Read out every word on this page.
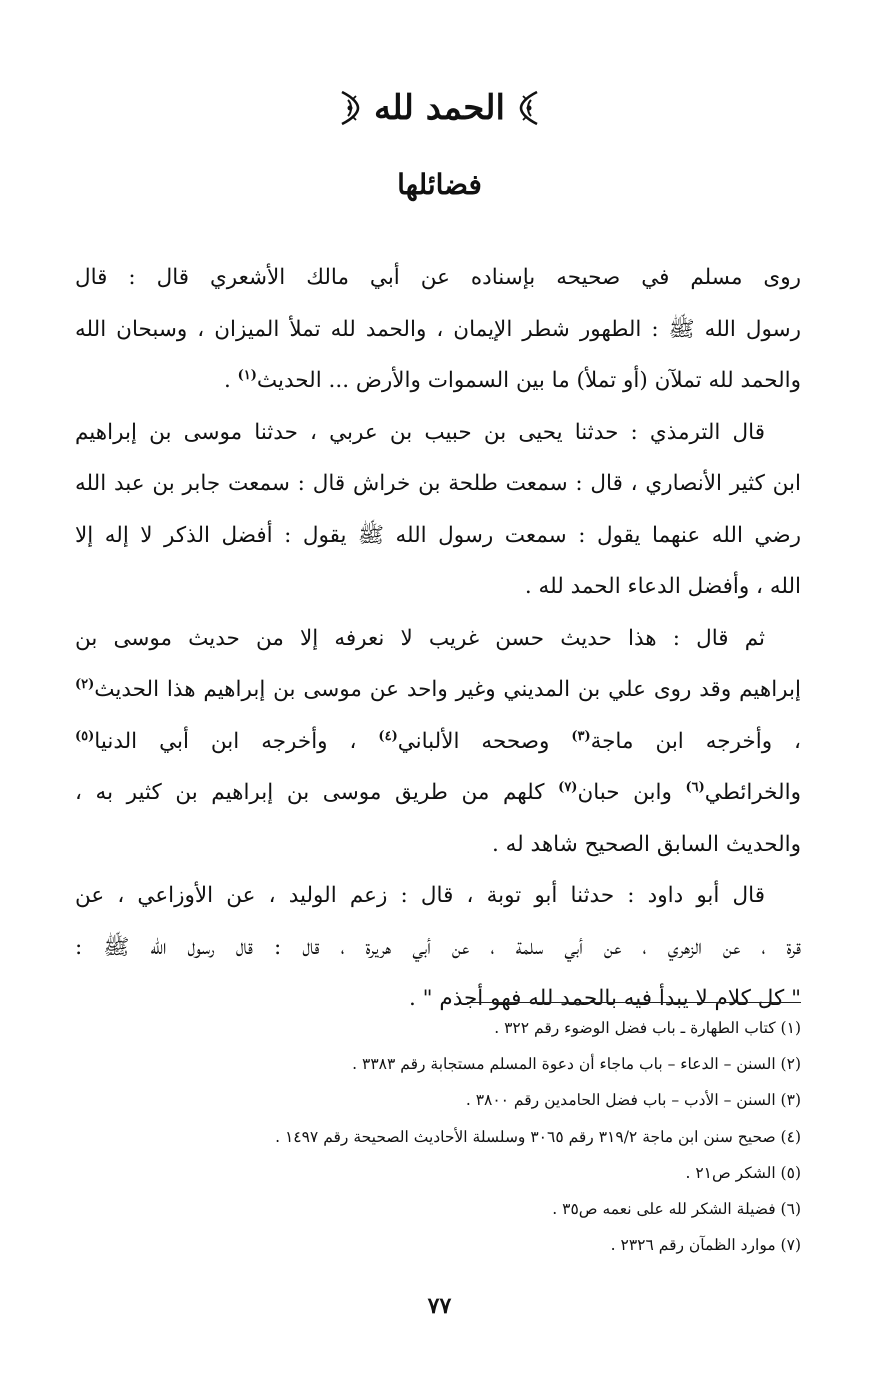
الحمد لله
فضائلها
روى مسلم في صحيحه بإسناده عن أبي مالك الأشعري قال : قال
رسول الله ﷺ : الطهور شطر الإيمان ، والحمد لله تملأ الميزان ، وسبحان الله
والحمد لله تملآن (أو تملأ) ما بين السموات والأرض ... الحديث$^{(١)}$ .
قال الترمذي : حدثنا يحيى بن حبيب بن عربي ، حدثنا موسى بن إبراهيم
ابن كثير الأنصاري ، قال : سمعت طلحة بن خراش قال : سمعت جابر بن عبد الله
رضي الله عنهما يقول : سمعت رسول الله ﷺ يقول : أفضل الذكر لا إله إلا
الله ، وأفضل الدعاء الحمد لله .
ثم قال : هذا حديث حسن غريب لا نعرفه إلا من حديث موسى بن
إبراهيم وقد روى علي بن المديني وغير واحد عن موسى بن إبراهيم هذا الحديث$^{(٢)}$
، وأخرجه ابن ماجة$^{(٣)}$ وصححه الألباني$^{(٤)}$ ، وأخرجه ابن أبي الدنيا$^{(٥)}$
والخرائطي$^{(٦)}$ وابن حبان$^{(٧)}$ كلهم من طريق موسى بن إبراهيم بن كثير به ،
والحديث السابق الصحيح شاهد له .
قال أبو داود : حدثنا أبو توبة ، قال : زعم الوليد ، عن الأوزاعي ، عن
قرة ، عن الزهري ، عن أبي سلمة ، عن أبي هريرة ، قال : قال رسول الله ﷺ :
" كل كلام لا يبدأ فيه بالحمد لله فهو أجذم " .
(١) كتاب الطهارة ـ باب فضل الوضوء رقم ٣٢٢ .
(٢) السنن – الدعاء – باب ماجاء أن دعوة المسلم مستجابة رقم ٣٣٨٣ .
(٣) السنن – الأدب – باب فضل الحامدين رقم ٣٨٠٠ .
(٤) صحيح سنن ابن ماجة ٣١٩/٢ رقم ٣٠٦٥ وسلسلة الأحاديث الصحيحة رقم ١٤٩٧ .
(٥) الشكر ص٢١ .
(٦) فضيلة الشكر لله على نعمه ص٣٥ .
(٧) موارد الظمآن رقم ٢٣٢٦ .
٧٧
